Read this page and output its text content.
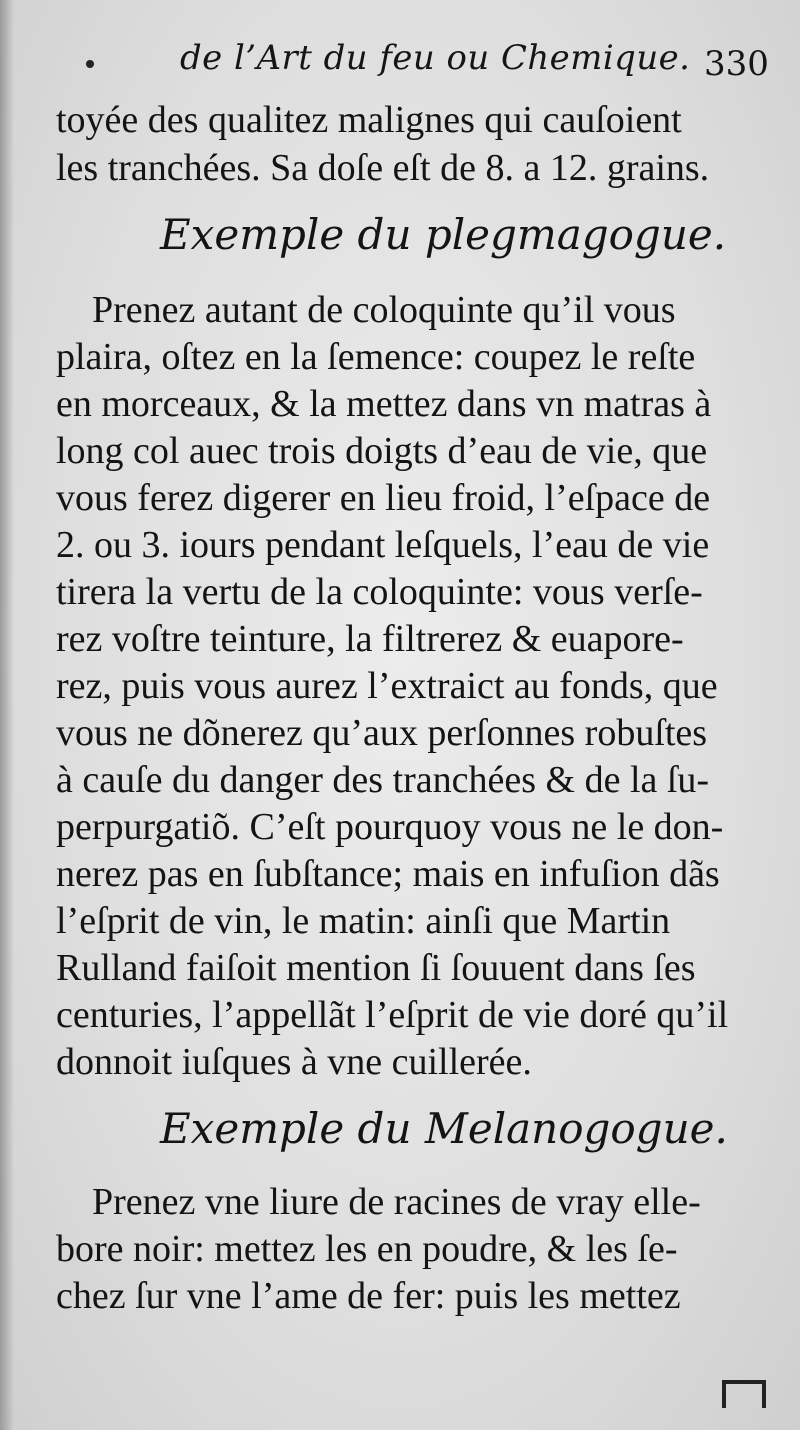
de l’Art du feu ou Chemique. 330
toyée des qualitez malignes qui cauſoient
les tranchées. Sa doſe eſt de 8. a 12. grains.
Exemple du plegmagogue.
Prenez autant de coloquinte qu’il vous
plaira, oſtez en la ſemence: coupez le reſte
en morceaux, & la mettez dans vn matras à
long col auec trois doigts d’eau de vie, que
vous ferez digerer en lieu froid, l’eſpace de
2. ou 3. iours pendant leſquels, l’eau de vie
tirera la vertu de la coloquinte: vous verſe-
rez voſtre teinture, la filtrerez & euapore-
rez, puis vous aurez l’extraict au fonds, que
vous ne dõnerez qu’aux perſonnes robuſtes
à cauſe du danger des tranchées & de la ſu-
perpurgatiõ. C’eſt pourquoy vous ne le don-
nerez pas en ſubſtance; mais en infuſion dãs
l’eſprit de vin, le matin: ainſi que Martin
Rulland faiſoit mention ſi ſouuent dans ſes
centuries, l’appellãt l’eſprit de vie doré qu’il
donnoit iuſques à vne cuillerée.
Exemple du Melanogogue.
Prenez vne liure de racines de vray elle-
bore noir: mettez les en poudre, & les ſe-
chez ſur vne l’ame de fer: puis les mettez
